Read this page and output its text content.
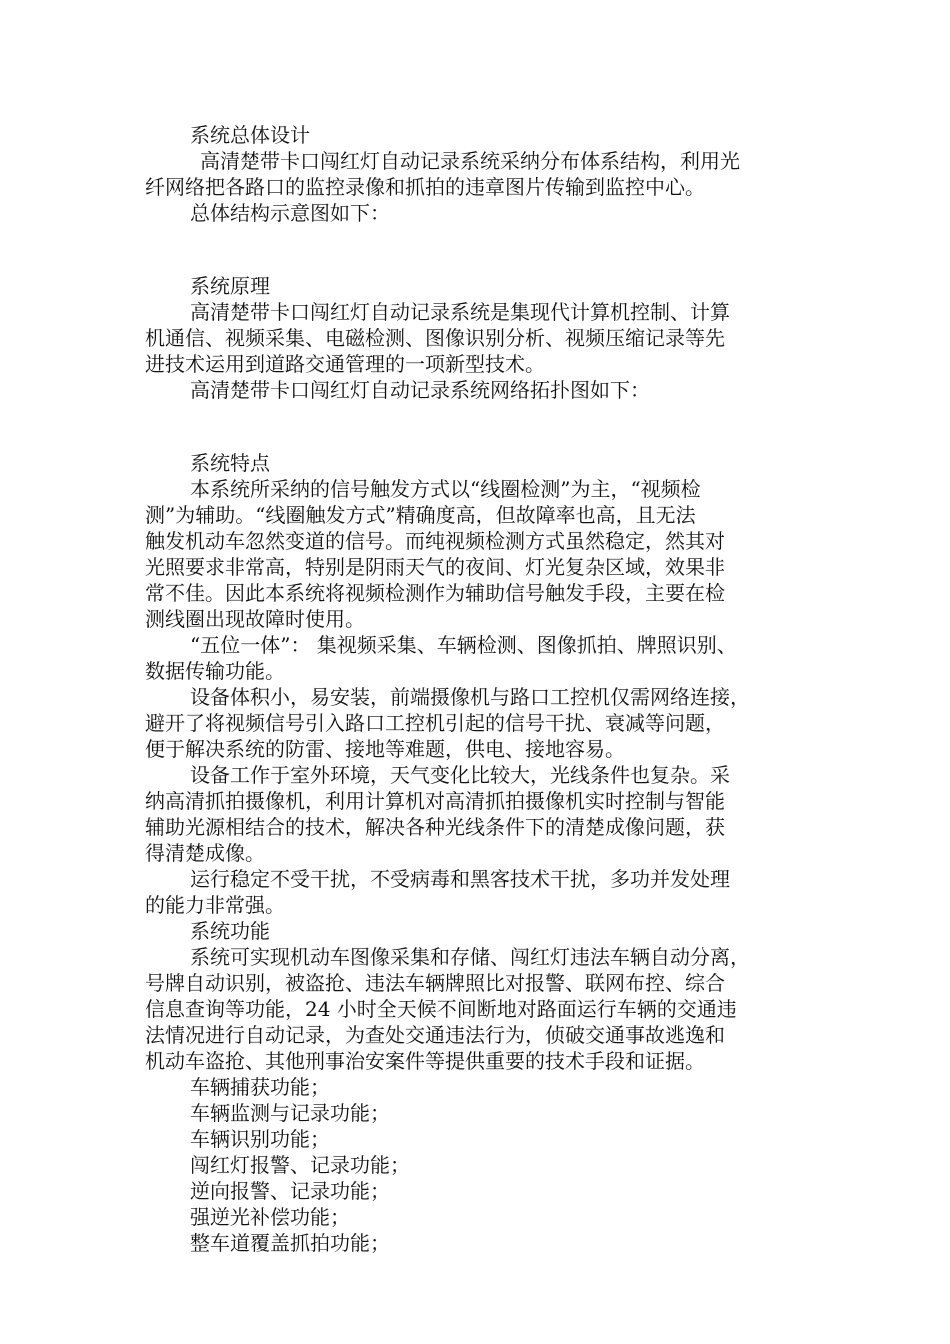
系统总体设计
高清楚带卡口闯红灯自动记录系统采纳分布体系结构，利用光
纤网络把各路口的监控录像和抓拍的违章图片传输到监控中心。
总体结构示意图如下：
系统原理
高清楚带卡口闯红灯自动记录系统是集现代计算机控制、计算
机通信、视频采集、电磁检测、图像识别分析、视频压缩记录等先
进技术运用到道路交通管理的一项新型技术。
高清楚带卡口闯红灯自动记录系统网络拓扑图如下：
系统特点
本系统所采纳的信号触发方式以“线圈检测”为主，“视频检
测”为辅助。“线圈触发方式”精确度高，但故障率也高，且无法
触发机动车忽然变道的信号。而纯视频检测方式虽然稳定，然其对
光照要求非常高，特别是阴雨天气的夜间、灯光复杂区域，效果非
常不佳。因此本系统将视频检测作为辅助信号触发手段，主要在检
测线圈出现故障时使用。
“五位一体”： 集视频采集、车辆检测、图像抓拍、牌照识别、
数据传输功能。
设备体积小，易安装，前端摄像机与路口工控机仅需网络连接，
避开了将视频信号引入路口工控机引起的信号干扰、衰减等问题，
便于解决系统的防雷、接地等难题，供电、接地容易。
设备工作于室外环境，天气变化比较大，光线条件也复杂。采
纳高清抓拍摄像机，利用计算机对高清抓拍摄像机实时控制与智能
辅助光源相结合的技术，解决各种光线条件下的清楚成像问题，获
得清楚成像。
运行稳定不受干扰，不受病毒和黑客技术干扰，多功并发处理
的能力非常强。
系统功能
系统可实现机动车图像采集和存储、闯红灯违法车辆自动分离，
号牌自动识别，被盗抢、违法车辆牌照比对报警、联网布控、综合
信息查询等功能，24 小时全天候不间断地对路面运行车辆的交通违
法情况进行自动记录，为查处交通违法行为，侦破交通事故逃逸和
机动车盗抢、其他刑事治安案件等提供重要的技术手段和证据。
车辆捕获功能；
车辆监测与记录功能；
车辆识别功能；
闯红灯报警、记录功能；
逆向报警、记录功能；
强逆光补偿功能；
整车道覆盖抓拍功能；
